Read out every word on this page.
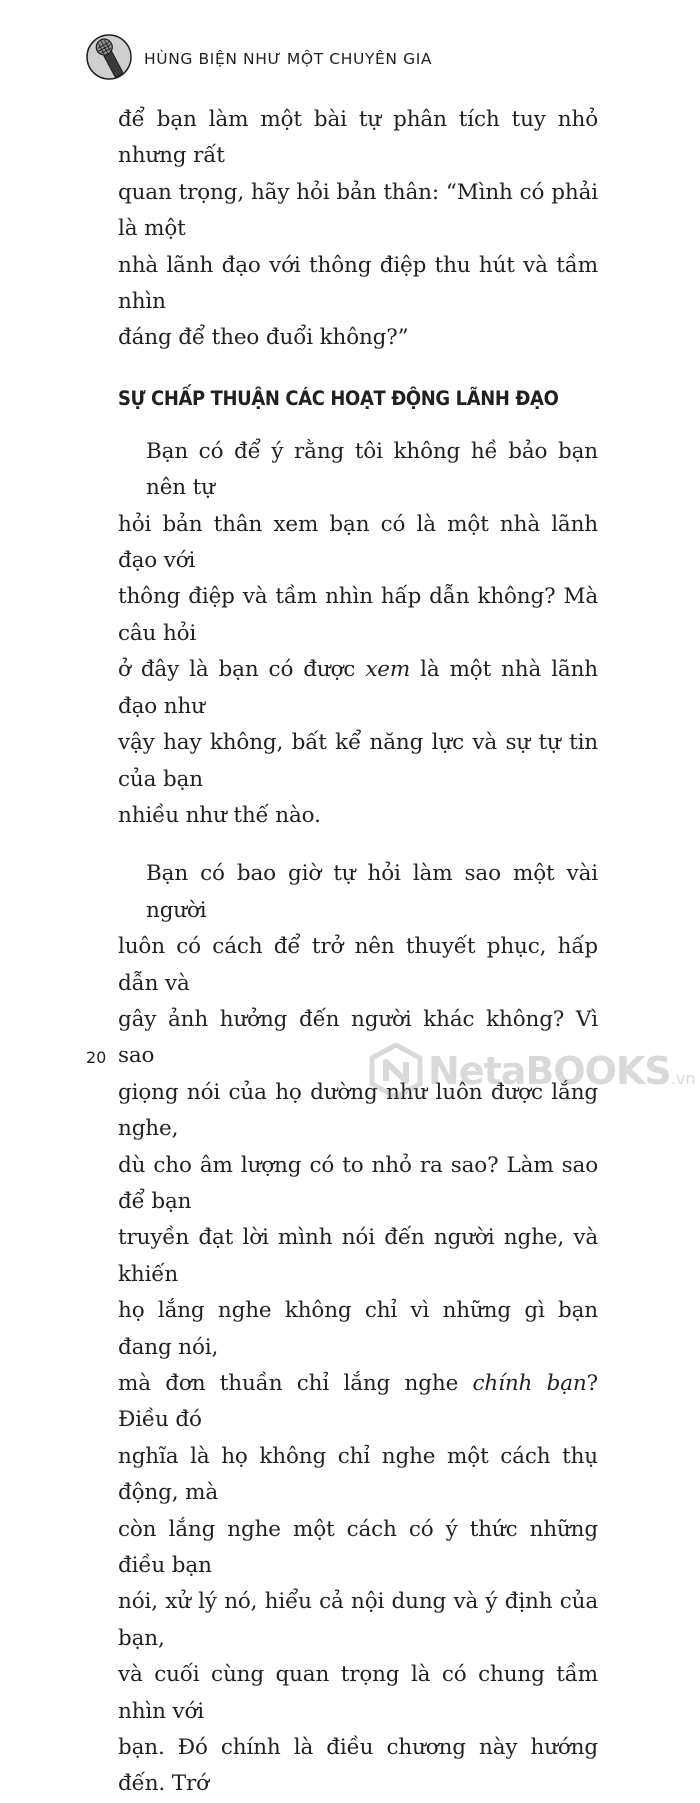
HÙNG BIỆN NHƯ MỘT CHUYÊN GIA

để bạn làm một bài tự phân tích tuy nhỏ nhưng rất
quan trọng, hãy hỏi bản thân: “Mình có phải là một
nhà lãnh đạo với thông điệp thu hút và tầm nhìn
đáng để theo đuổi không?”

SỰ CHẤP THUẬN CÁC HOẠT ĐỘNG LÃNH ĐẠO

Bạn có để ý rằng tôi không hề bảo bạn nên tự
hỏi bản thân xem bạn có là một nhà lãnh đạo với
thông điệp và tầm nhìn hấp dẫn không? Mà câu hỏi
ở đây là bạn có được xem là một nhà lãnh đạo như
vậy hay không, bất kể năng lực và sự tự tin của bạn
nhiều như thế nào.

Bạn có bao giờ tự hỏi làm sao một vài người
luôn có cách để trở nên thuyết phục, hấp dẫn và
gây ảnh hưởng đến người khác không? Vì sao
giọng nói của họ dường như luôn được lắng nghe,
dù cho âm lượng có to nhỏ ra sao? Làm sao để bạn
truyền đạt lời mình nói đến người nghe, và khiến
họ lắng nghe không chỉ vì những gì bạn đang nói,
mà đơn thuần chỉ lắng nghe chính bạn? Điều đó
nghĩa là họ không chỉ nghe một cách thụ động, mà
còn lắng nghe một cách có ý thức những điều bạn
nói, xử lý nó, hiểu cả nội dung và ý định của bạn,
và cuối cùng quan trọng là có chung tầm nhìn với
bạn. Đó chính là điều chương này hướng đến. Trớ

20	NetaBOOKS.vn
